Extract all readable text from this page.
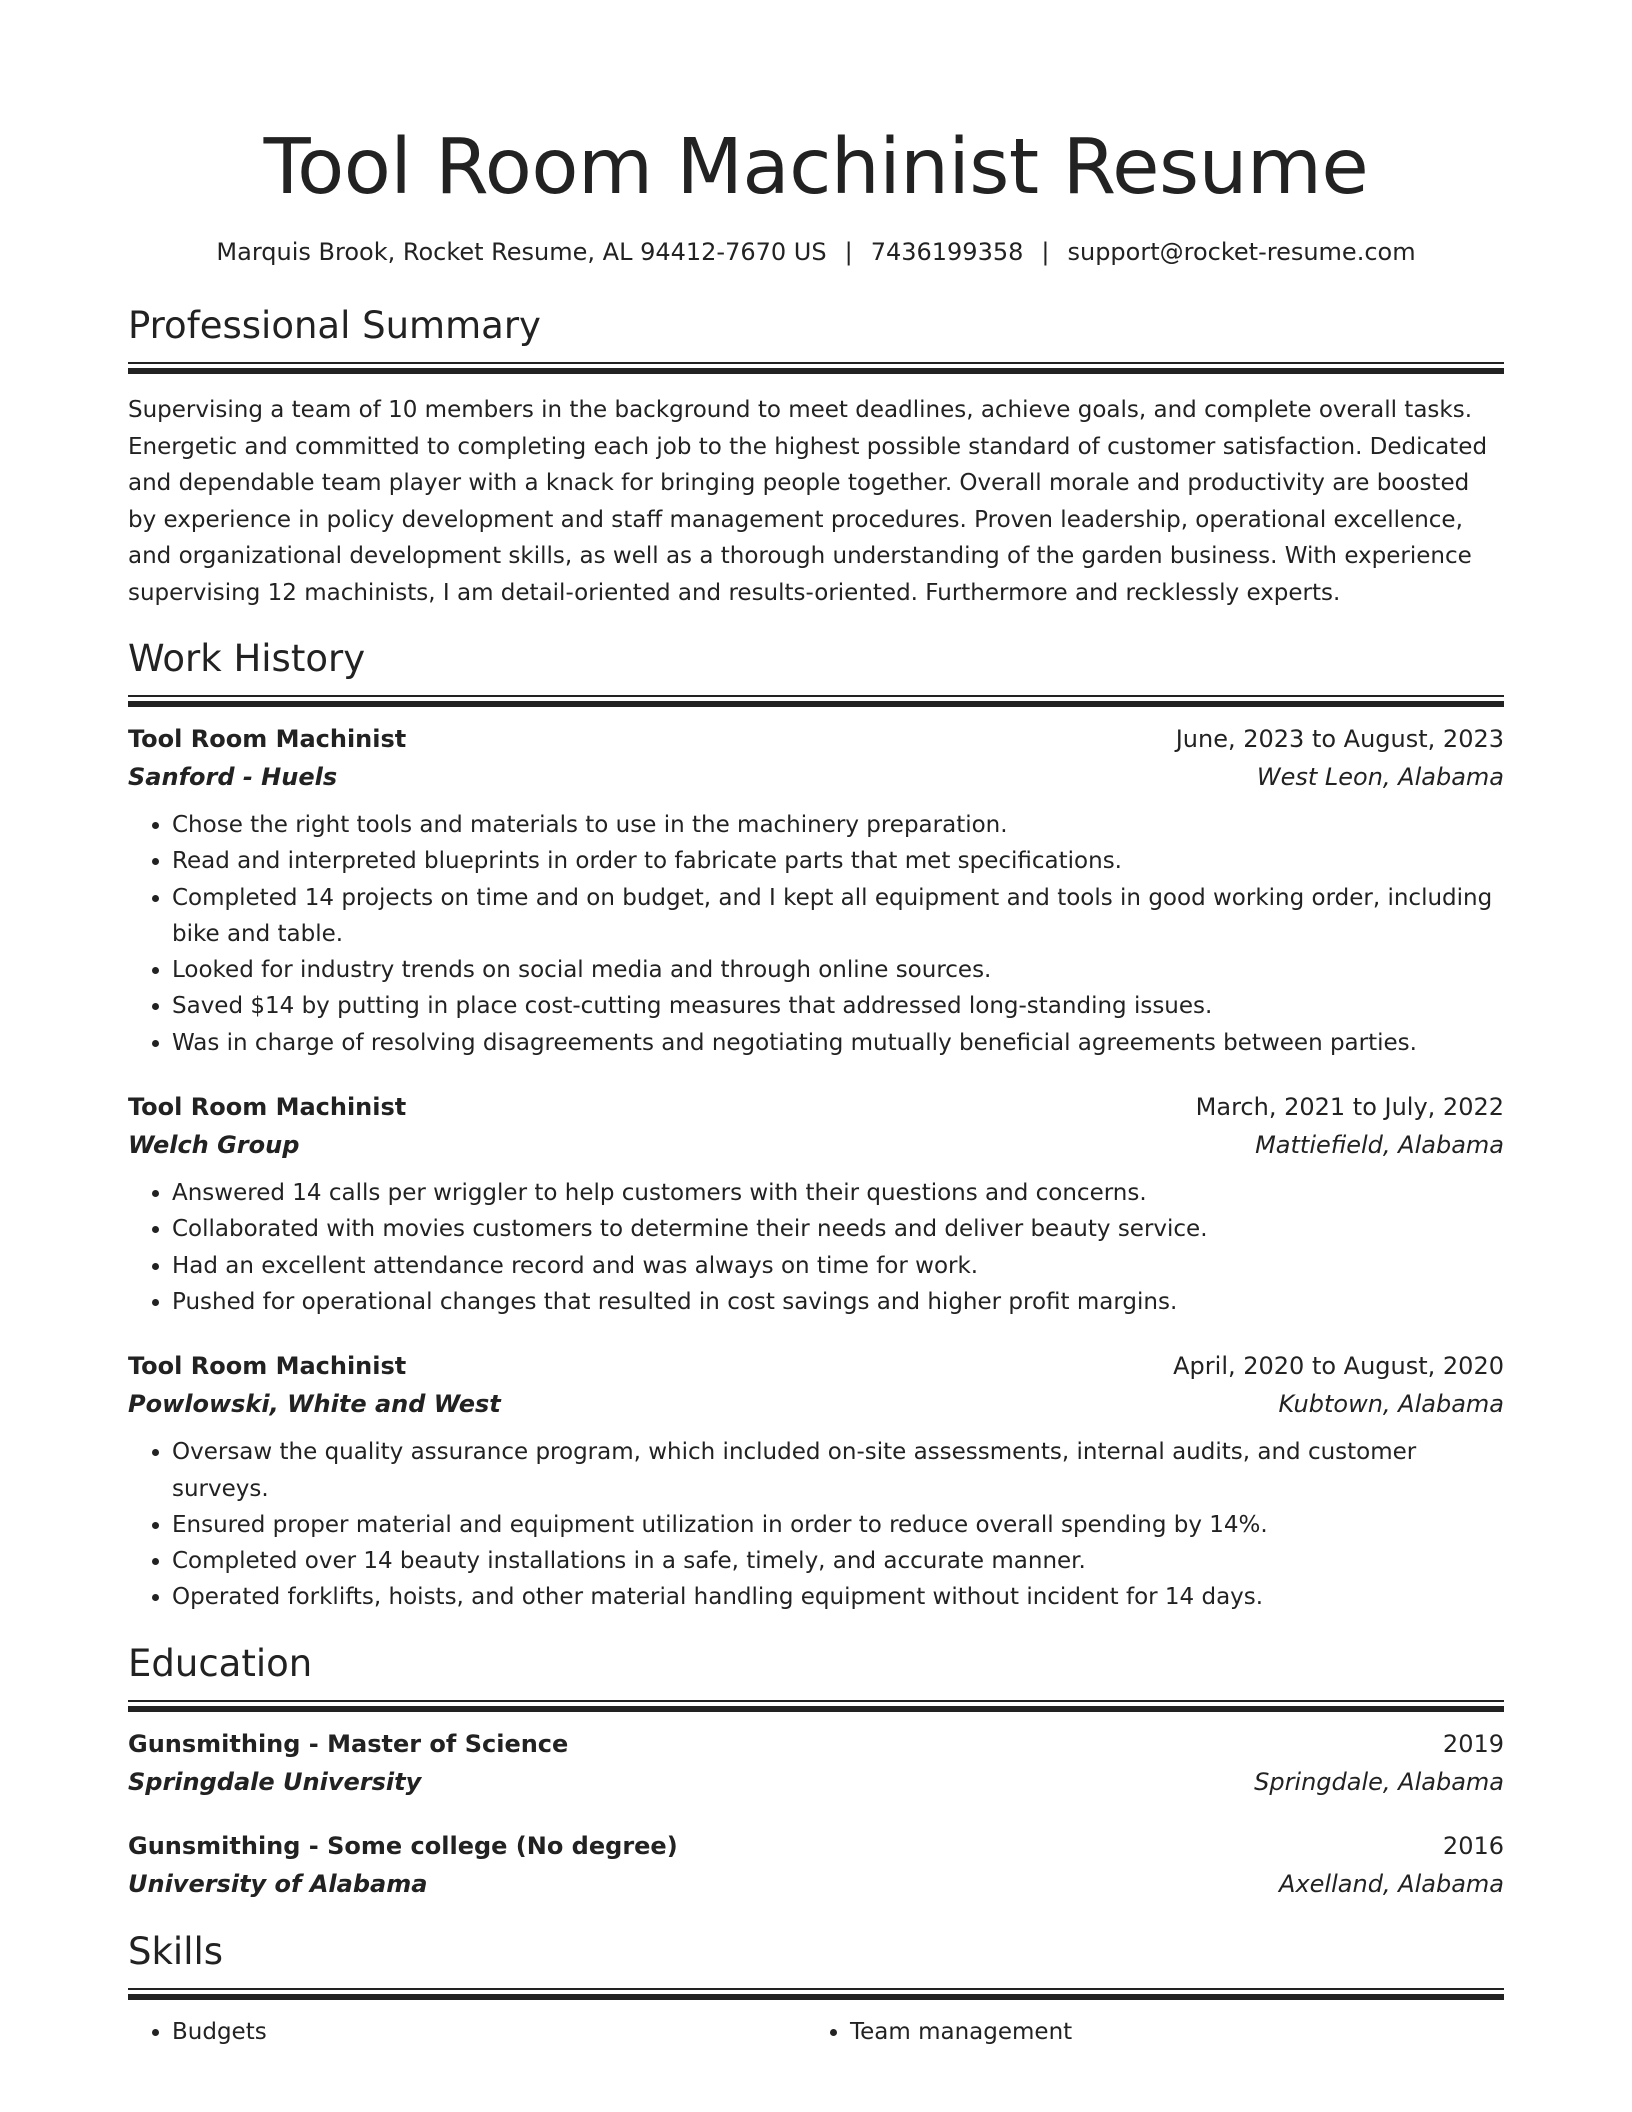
Tool Room Machinist Resume
Marquis Brook, Rocket Resume, AL 94412-7670 US | 7436199358 | support@rocket-resume.com
Professional Summary
Supervising a team of 10 members in the background to meet deadlines, achieve goals, and complete overall tasks. Energetic and committed to completing each job to the highest possible standard of customer satisfaction. Dedicated and dependable team player with a knack for bringing people together. Overall morale and productivity are boosted by experience in policy development and staff management procedures. Proven leadership, operational excellence, and organizational development skills, as well as a thorough understanding of the garden business. With experience supervising 12 machinists, I am detail-oriented and results-oriented. Furthermore and recklessly experts.
Work History
Tool Room Machinist	June, 2023 to August, 2023
Sanford - Huels	West Leon, Alabama
• Chose the right tools and materials to use in the machinery preparation.
• Read and interpreted blueprints in order to fabricate parts that met specifications.
• Completed 14 projects on time and on budget, and I kept all equipment and tools in good working order, including bike and table.
• Looked for industry trends on social media and through online sources.
• Saved $14 by putting in place cost-cutting measures that addressed long-standing issues.
• Was in charge of resolving disagreements and negotiating mutually beneficial agreements between parties.
Tool Room Machinist	March, 2021 to July, 2022
Welch Group	Mattiefield, Alabama
• Answered 14 calls per wriggler to help customers with their questions and concerns.
• Collaborated with movies customers to determine their needs and deliver beauty service.
• Had an excellent attendance record and was always on time for work.
• Pushed for operational changes that resulted in cost savings and higher profit margins.
Tool Room Machinist	April, 2020 to August, 2020
Powlowski, White and West	Kubtown, Alabama
• Oversaw the quality assurance program, which included on-site assessments, internal audits, and customer surveys.
• Ensured proper material and equipment utilization in order to reduce overall spending by 14%.
• Completed over 14 beauty installations in a safe, timely, and accurate manner.
• Operated forklifts, hoists, and other material handling equipment without incident for 14 days.
Education
Gunsmithing - Master of Science	2019
Springdale University	Springdale, Alabama
Gunsmithing - Some college (No degree)	2016
University of Alabama	Axelland, Alabama
Skills
• Budgets
•	Team management
